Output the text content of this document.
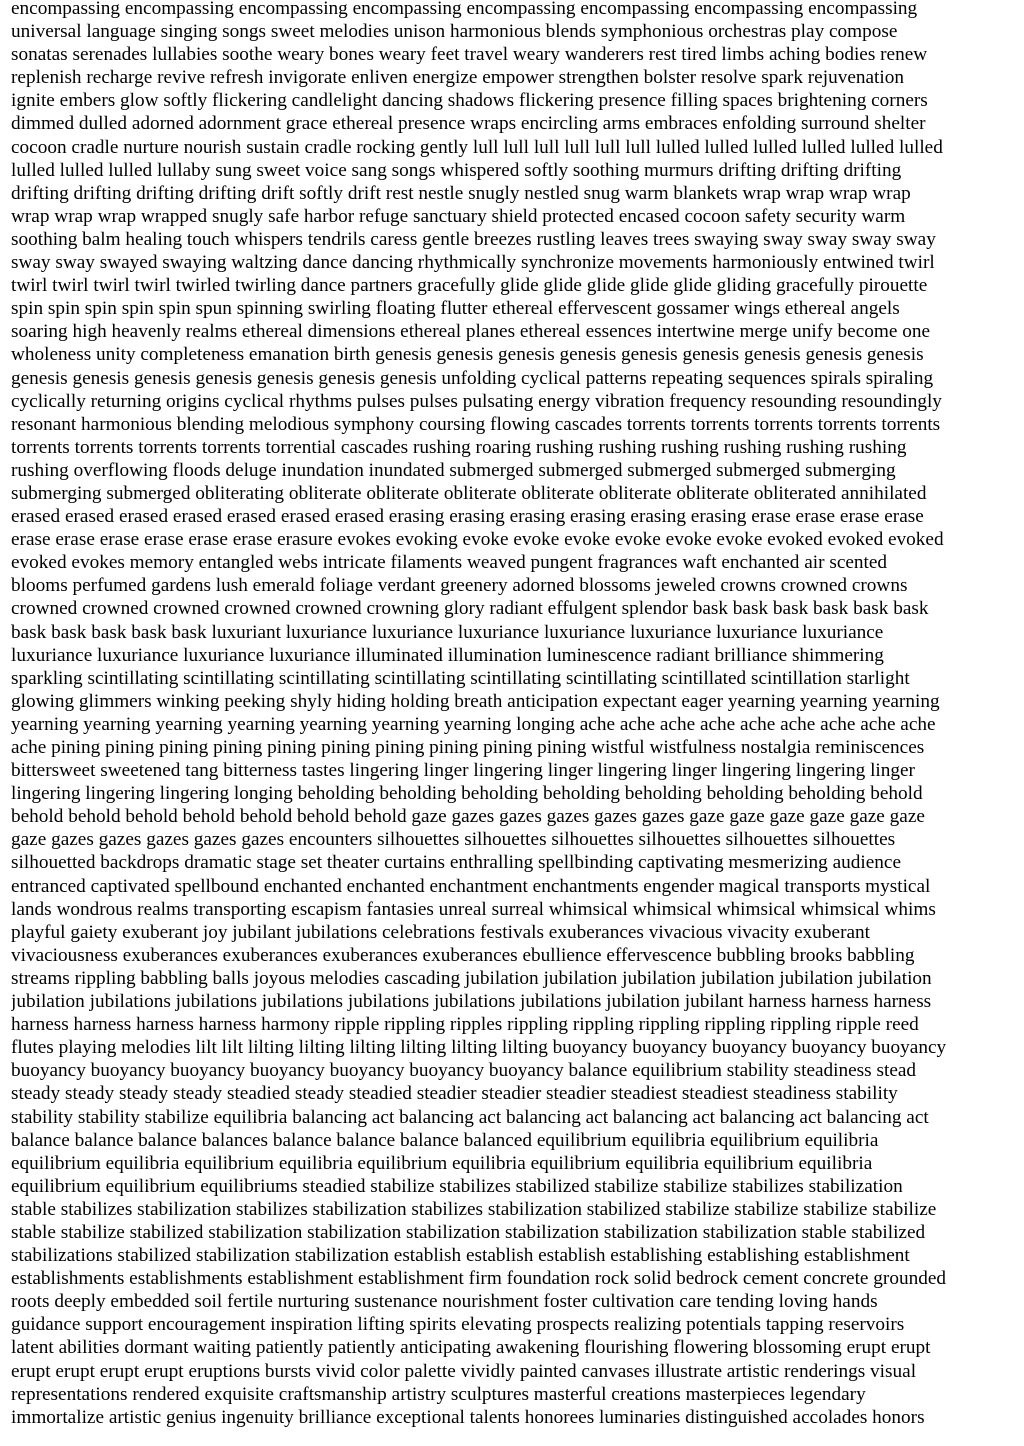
encompassing encompassing encompassing encompassing encompassing encompassing encompassing encompassing
universal language singing songs sweet melodies unison harmonious blends symphonious orchestras play compose
sonatas serenades lullabies soothe weary bones weary feet travel weary wanderers rest tired limbs aching bodies renew
replenish recharge revive refresh invigorate enliven energize empower strengthen bolster resolve spark rejuvenation
ignite embers glow softly flickering candlelight dancing shadows flickering presence filling spaces brightening corners
dimmed dulled adorned adornment grace ethereal presence wraps encircling arms embraces enfolding surround shelter
cocoon cradle nurture nourish sustain cradle rocking gently lull lull lull lull lull lull lulled lulled lulled lulled lulled lulled
lulled lulled lulled lullaby sung sweet voice sang songs whispered softly soothing murmurs drifting drifting drifting
drifting drifting drifting drifting drift softly drift rest nestle snugly nestled snug warm blankets wrap wrap wrap wrap
wrap wrap wrap wrapped snugly safe harbor refuge sanctuary shield protected encased cocoon safety security warm
soothing balm healing touch whispers tendrils caress gentle breezes rustling leaves trees swaying sway sway sway sway
sway sway swayed swaying waltzing dance dancing rhythmically synchronize movements harmoniously entwined twirl
twirl twirl twirl twirl twirled twirling dance partners gracefully glide glide glide glide glide gliding gracefully pirouette
spin spin spin spin spin spun spinning swirling floating flutter ethereal effervescent gossamer wings ethereal angels
soaring high heavenly realms ethereal dimensions ethereal planes ethereal essences intertwine merge unify become one
wholeness unity completeness emanation birth genesis genesis genesis genesis genesis genesis genesis genesis genesis
genesis genesis genesis genesis genesis genesis genesis unfolding cyclical patterns repeating sequences spirals spiraling
cyclically returning origins cyclical rhythms pulses pulses pulsating energy vibration frequency resounding resoundingly
resonant harmonious blending melodious symphony coursing flowing cascades torrents torrents torrents torrents torrents
torrents torrents torrents torrents torrential cascades rushing roaring rushing rushing rushing rushing rushing rushing
rushing overflowing floods deluge inundation inundated submerged submerged submerged submerged submerging
submerging submerged obliterating obliterate obliterate obliterate obliterate obliterate obliterate obliterated annihilated
erased erased erased erased erased erased erased erasing erasing erasing erasing erasing erasing erase erase erase erase
erase erase erase erase erase erase erasure evokes evoking evoke evoke evoke evoke evoke evoke evoked evoked evoked
evoked evokes memory entangled webs intricate filaments weaved pungent fragrances waft enchanted air scented
blooms perfumed gardens lush emerald foliage verdant greenery adorned blossoms jeweled crowns crowned crowns
crowned crowned crowned crowned crowned crowning glory radiant effulgent splendor bask bask bask bask bask bask
bask bask bask bask bask luxuriant luxuriance luxuriance luxuriance luxuriance luxuriance luxuriance luxuriance
luxuriance luxuriance luxuriance luxuriance illuminated illumination luminescence radiant brilliance shimmering
sparkling scintillating scintillating scintillating scintillating scintillating scintillating scintillated scintillation starlight
glowing glimmers winking peeking shyly hiding holding breath anticipation expectant eager yearning yearning yearning
yearning yearning yearning yearning yearning yearning yearning longing ache ache ache ache ache ache ache ache ache
ache pining pining pining pining pining pining pining pining pining pining wistful wistfulness nostalgia reminiscences
bittersweet sweetened tang bitterness tastes lingering linger lingering linger lingering linger lingering lingering linger
lingering lingering lingering longing beholding beholding beholding beholding beholding beholding beholding behold
behold behold behold behold behold behold behold gaze gazes gazes gazes gazes gazes gaze gaze gaze gaze gaze gaze
gaze gazes gazes gazes gazes gazes encounters silhouettes silhouettes silhouettes silhouettes silhouettes silhouettes
silhouetted backdrops dramatic stage set theater curtains enthralling spellbinding captivating mesmerizing audience
entranced captivated spellbound enchanted enchanted enchantment enchantments engender magical transports mystical
lands wondrous realms transporting escapism fantasies unreal surreal whimsical whimsical whimsical whimsical whims
playful gaiety exuberant joy jubilant jubilations celebrations festivals exuberances vivacious vivacity exuberant
vivaciousness exuberances exuberances exuberances exuberances ebullience effervescence bubbling brooks babbling
streams rippling babbling balls joyous melodies cascading jubilation jubilation jubilation jubilation jubilation jubilation
jubilation jubilations jubilations jubilations jubilations jubilations jubilations jubilation jubilant harness harness harness
harness harness harness harness harmony ripple rippling ripples rippling rippling rippling rippling rippling ripple reed
flutes playing melodies lilt lilt lilting lilting lilting lilting lilting lilting buoyancy buoyancy buoyancy buoyancy buoyancy
buoyancy buoyancy buoyancy buoyancy buoyancy buoyancy buoyancy balance equilibrium stability steadiness stead
steady steady steady steady steadied steady steadied steadier steadier steadier steadiest steadiest steadiness stability
stability stability stabilize equilibria balancing act balancing act balancing act balancing act balancing act balancing act
balance balance balance balances balance balance balance balanced equilibrium equilibria equilibrium equilibria
equilibrium equilibria equilibrium equilibria equilibrium equilibria equilibrium equilibria equilibrium equilibria
equilibrium equilibrium equilibriums steadied stabilize stabilizes stabilized stabilize stabilize stabilizes stabilization
stable stabilizes stabilization stabilizes stabilization stabilizes stabilization stabilized stabilize stabilize stabilize stabilize
stable stabilize stabilized stabilization stabilization stabilization stabilization stabilization stabilization stable stabilized
stabilizations stabilized stabilization stabilization establish establish establish establishing establishing establishment
establishments establishments establishment establishment firm foundation rock solid bedrock cement concrete grounded
roots deeply embedded soil fertile nurturing sustenance nourishment foster cultivation care tending loving hands
guidance support encouragement inspiration lifting spirits elevating prospects realizing potentials tapping reservoirs
latent abilities dormant waiting patiently patiently anticipating awakening flourishing flowering blossoming erupt erupt
erupt erupt erupt erupt eruptions bursts vivid color palette vividly painted canvases illustrate artistic renderings visual
representations rendered exquisite craftsmanship artistry sculptures masterful creations masterpieces legendary
immortalize artistic genius ingenuity brilliance exceptional talents honorees luminaries distinguished accolades honors
